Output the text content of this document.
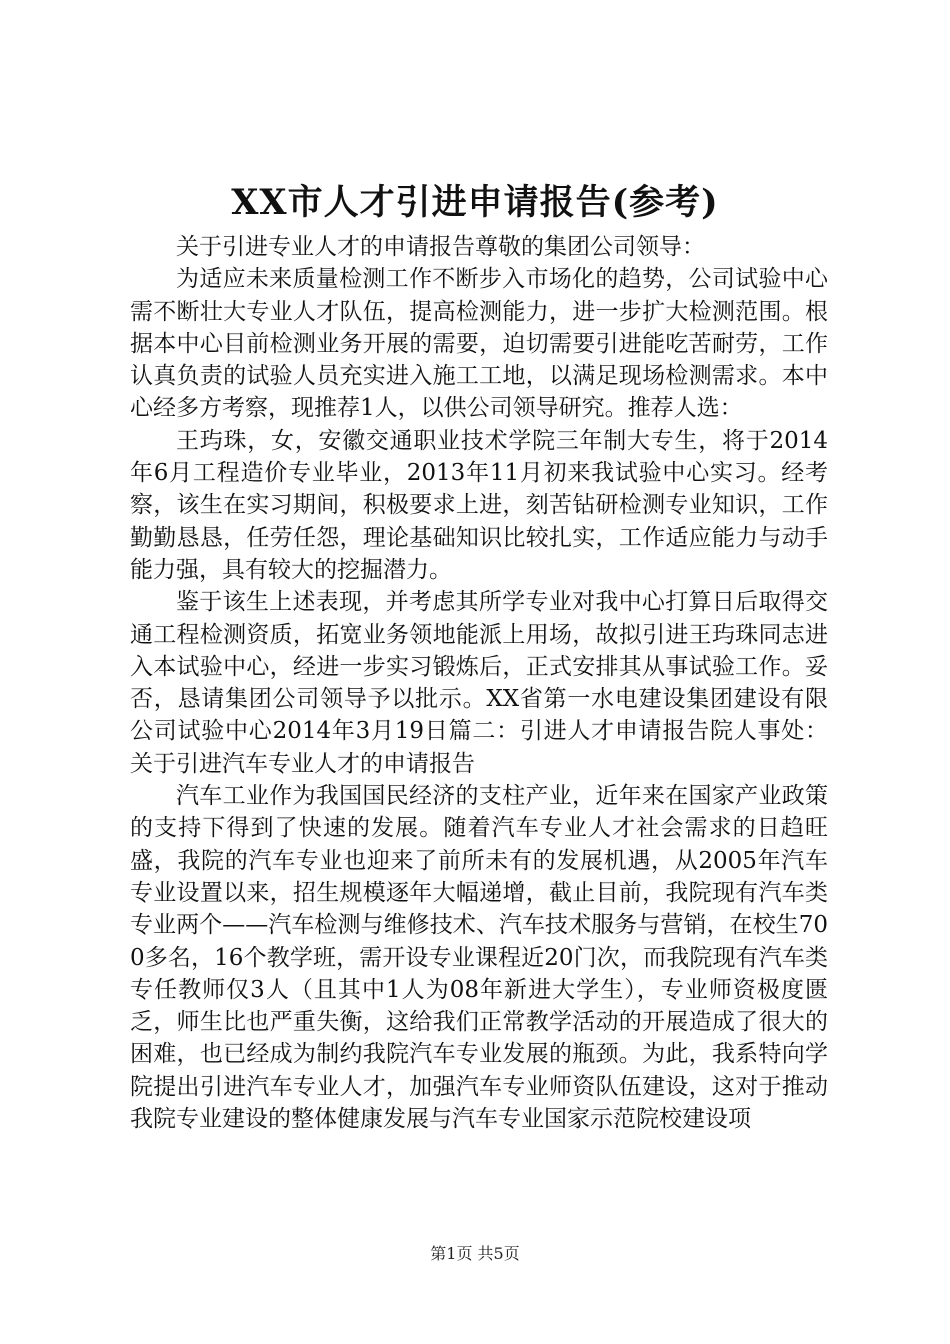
XX市人才引进申请报告(参考)

关于引进专业人才的申请报告尊敬的集团公司领导：

为适应未来质量检测工作不断步入市场化的趋势，公司试验中心需不断壮大专业人才队伍，提高检测能力，进一步扩大检测范围。根据本中心目前检测业务开展的需要，迫切需要引进能吃苦耐劳，工作认真负责的试验人员充实进入施工工地，以满足现场检测需求。本中心经多方考察，现推荐1人，以供公司领导研究。推荐人选：

王玙珠，女，安徽交通职业技术学院三年制大专生，将于2014年6月工程造价专业毕业，2013年11月初来我试验中心实习。经考察，该生在实习期间，积极要求上进，刻苦钻研检测专业知识，工作勤勤恳恳，任劳任怨，理论基础知识比较扎实，工作适应能力与动手能力强，具有较大的挖掘潜力。

鉴于该生上述表现，并考虑其所学专业对我中心打算日后取得交通工程检测资质，拓宽业务领地能派上用场，故拟引进王玙珠同志进入本试验中心，经进一步实习锻炼后，正式安排其从事试验工作。妥否，恳请集团公司领导予以批示。XX省第一水电建设集团建设有限公司试验中心2014年3月19日篇二：引进人才申请报告院人事处：关于引进汽车专业人才的申请报告

汽车工业作为我国国民经济的支柱产业，近年来在国家产业政策的支持下得到了快速的发展。随着汽车专业人才社会需求的日趋旺盛，我院的汽车专业也迎来了前所未有的发展机遇，从2005年汽车专业设置以来，招生规模逐年大幅递增，截止目前，我院现有汽车类专业两个——汽车检测与维修技术、汽车技术服务与营销，在校生700多名，16个教学班，需开设专业课程近20门次，而我院现有汽车类专任教师仅3人（且其中1人为08年新进大学生），专业师资极度匮乏，师生比也严重失衡，这给我们正常教学活动的开展造成了很大的困难，也已经成为制约我院汽车专业发展的瓶颈。为此，我系特向学院提出引进汽车专业人才，加强汽车专业师资队伍建设，这对于推动我院专业建设的整体健康发展与汽车专业国家示范院校建设项

第1页 共5页
